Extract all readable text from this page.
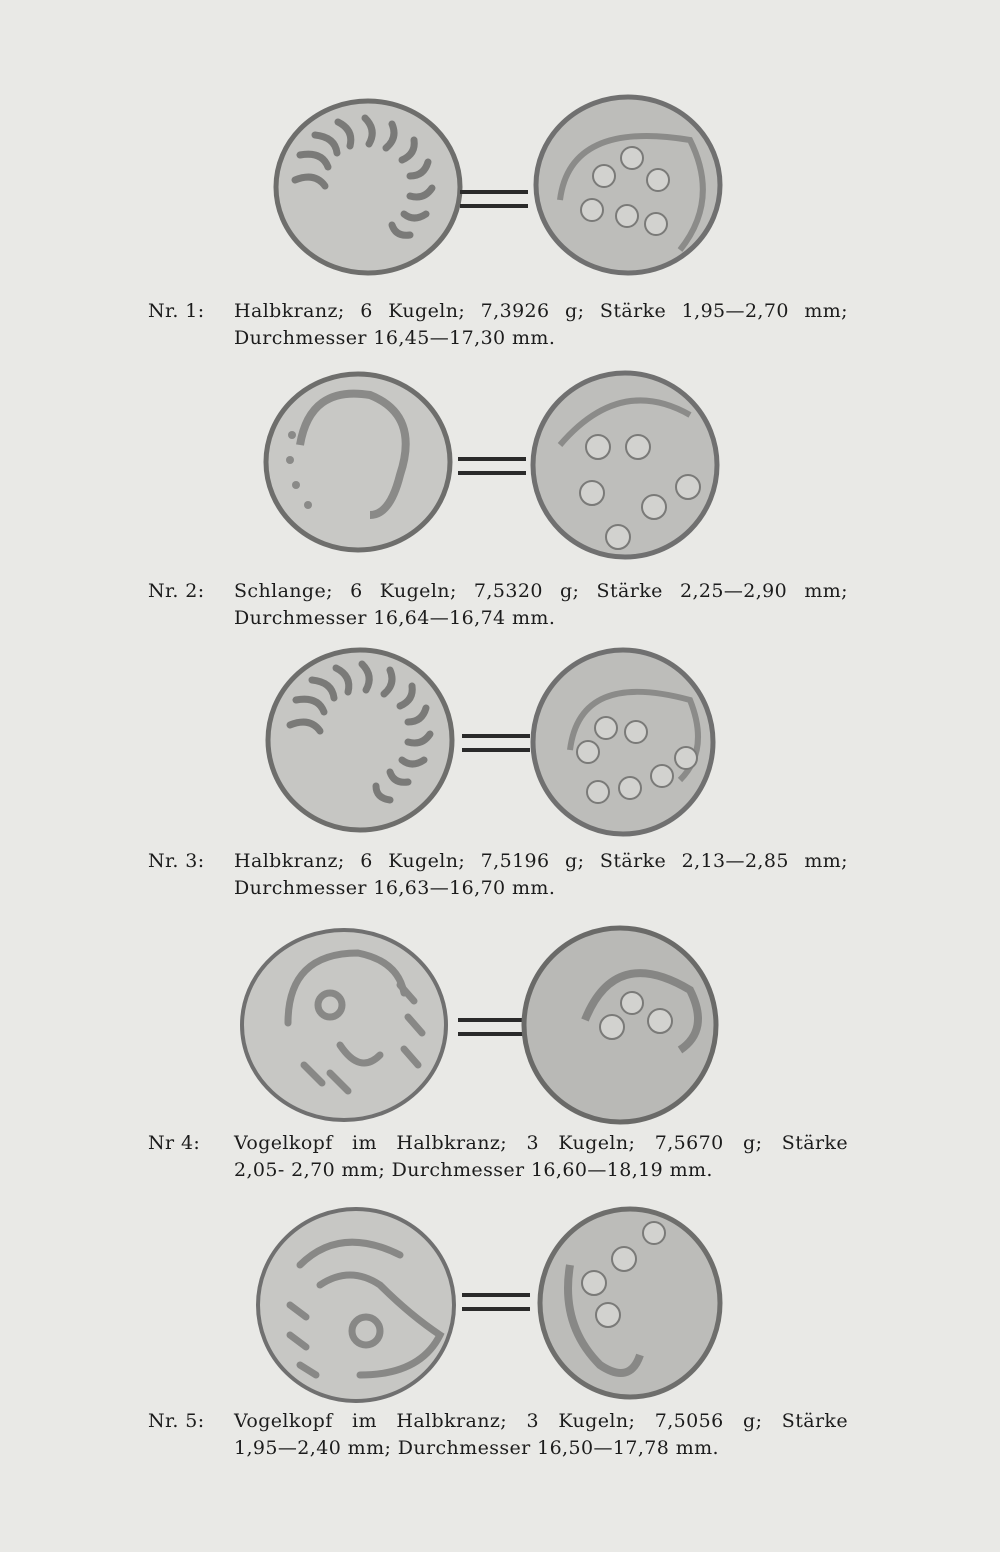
Nr. 1:	Halbkranz; 6 Kugeln; 7,3926 g; Stärke 1,95—2,70 mm;
Durchmesser 16,45—17,30 mm.
Nr. 2:	Schlange; 6 Kugeln; 7,5320 g; Stärke 2,25—2,90 mm;
Durchmesser 16,64—16,74 mm.
Nr. 3:	Halbkranz; 6 Kugeln; 7,5196 g; Stärke 2,13—2,85 mm;
Durchmesser 16,63—16,70 mm.
Nr 4:	Vogelkopf im Halbkranz; 3 Kugeln; 7,5670 g; Stärke
2,05- 2,70 mm; Durchmesser 16,60—18,19 mm.
Nr. 5:	Vogelkopf im Halbkranz; 3 Kugeln; 7,5056 g; Stärke
1,95—2,40 mm; Durchmesser 16,50—17,78 mm.
